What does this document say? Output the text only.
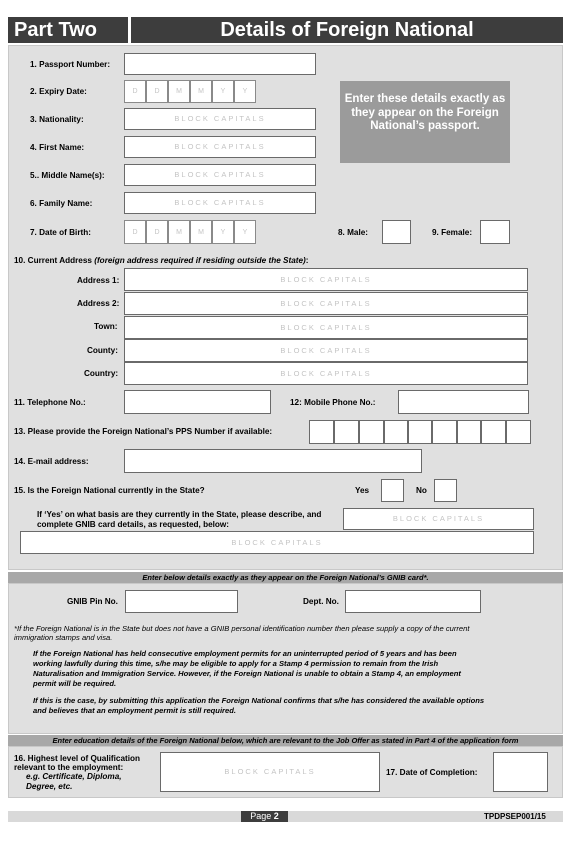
Part Two	Details of Foreign National
1. Passport Number:
2. Expiry Date:	D	D	M	M	Y	Y
3. Nationality:	BLOCK CAPITALS
4. First Name:	BLOCK CAPITALS
5.. Middle Name(s):	BLOCK CAPITALS
6. Family Name:	BLOCK CAPITALS
7. Date of Birth:	D	D	M	M	Y	Y	8. Male:	9. Female:
Enter these details exactly as they appear on the Foreign National’s passport.
10. Current Address (foreign address required if residing outside the State):
Address 1:	BLOCK CAPITALS
Address 2:	BLOCK CAPITALS
Town:	BLOCK CAPITALS
County:	BLOCK CAPITALS
Country:	BLOCK CAPITALS
11. Telephone No.:	12: Mobile Phone No.:
13. Please provide the Foreign National’s PPS Number if available:
14. E-mail address:
15. Is the Foreign National currently in the State?	Yes	No
If ‘Yes’ on what basis are they currently in the State, please describe, and
complete GNIB card details, as requested, below:
BLOCK CAPITALS
BLOCK CAPITALS
Enter below details exactly as they appear on the Foreign National’s GNIB card*.
GNIB Pin No.	Dept. No.
*If the Foreign National is in the State but does not have a GNIB personal identification number then please supply a copy of the current
immigration stamps and visa.
If the Foreign National has held consecutive employment permits for an uninterrupted period of 5 years and has been
working lawfully during this time, s/he may be eligible to apply for a Stamp 4 permission to remain from the Irish
Naturalisation and Immigration Service. However, if the Foreign National is unable to obtain a Stamp 4, an employment
permit will be required.
If this is the case, by submitting this application the Foreign National confirms that s/he has considered the available options
and believes that an employment permit is still required.
Enter education details of the Foreign National below, which are relevant to the Job Offer as stated in Part 4 of the application form
16. Highest level of Qualification
relevant to the employment:
e.g. Certificate, Diploma,
Degree, etc.
BLOCK CAPITALS	17. Date of Completion:
Page 2	TPDPSEP001/15
